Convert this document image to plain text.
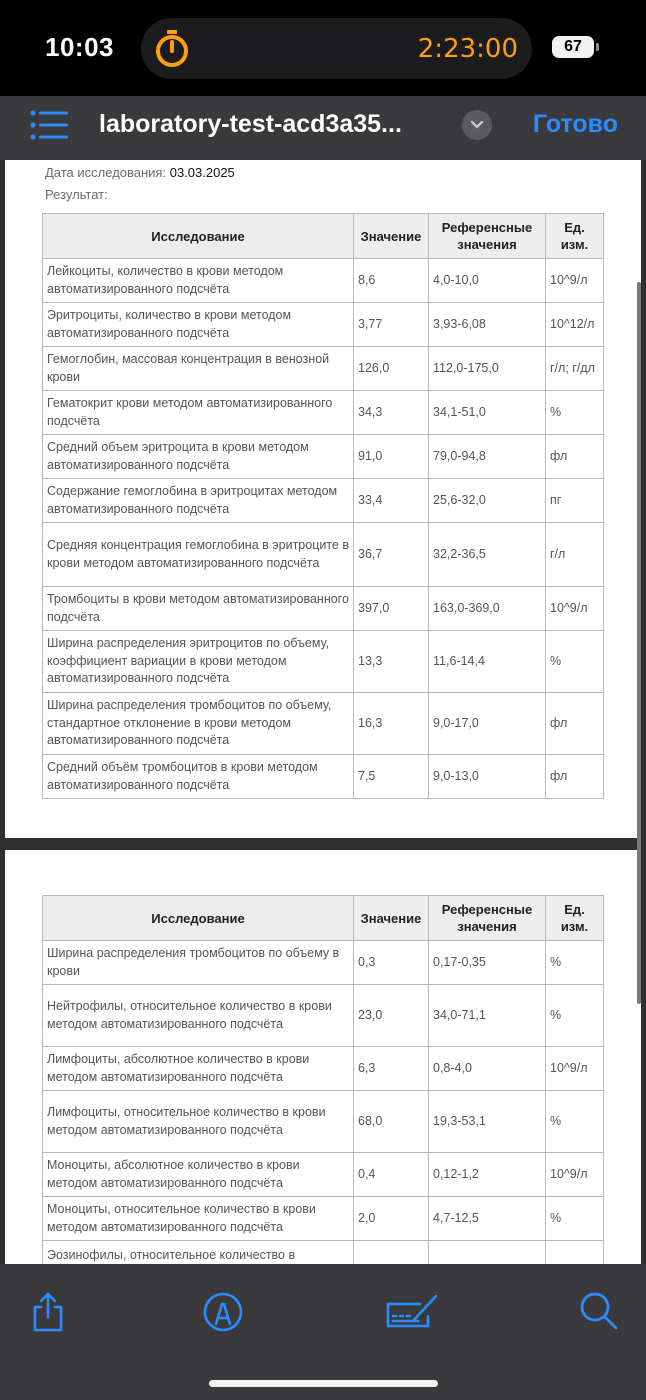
10:03	2:23:00	67
laboratory-test-acd3a35...	Готово
Дата исследования: 03.03.2025
Результат:
Исследование	Значение	Референсные значения	Ед. изм.
Лейкоциты, количество в крови методом автоматизированного подсчёта	8,6	4,0-10,0	10^9/л
Эритроциты, количество в крови методом автоматизированного подсчёта	3,77	3,93-6,08	10^12/л
Гемоглобин, массовая концентрация в венозной крови	126,0	112,0-175,0	г/л; г/дл
Гематокрит крови методом автоматизированного подсчёта	34,3	34,1-51,0	%
Средний объем эритроцита в крови методом автоматизированного подсчёта	91,0	79,0-94,8	фл
Содержание гемоглобина в эритроцитах методом автоматизированного подсчёта	33,4	25,6-32,0	пг
Средняя концентрация гемоглобина в эритроците в крови методом автоматизированного подсчёта	36,7	32,2-36,5	г/л
Тромбоциты в крови методом автоматизированного подсчёта	397,0	163,0-369,0	10^9/л
Ширина распределения эритроцитов по объему, коэффициент вариации в крови методом автоматизированного подсчёта	13,3	11,6-14,4	%
Ширина распределения тромбоцитов по объему, стандартное отклонение в крови методом автоматизированного подсчёта	16,3	9,0-17,0	фл
Средний объём тромбоцитов в крови методом автоматизированного подсчёта	7,5	9,0-13,0	фл
Исследование	Значение	Референсные значения	Ед. изм.
Ширина распределения тромбоцитов по объему в крови	0,3	0,17-0,35	%
Нейтрофилы, относительное количество в крови методом автоматизированного подсчёта	23,0	34,0-71,1	%
Лимфоциты, абсолютное количество в крови методом автоматизированного подсчёта	6,3	0,8-4,0	10^9/л
Лимфоциты, относительное количество в крови методом автоматизированного подсчёта	68,0	19,3-53,1	%
Моноциты, абсолютное количество в крови методом автоматизированного подсчёта	0,4	0,12-1,2	10^9/л
Моноциты, относительное количество в крови методом автоматизированного подсчёта	2,0	4,7-12,5	%
Эозинофилы, относительное количество в			
